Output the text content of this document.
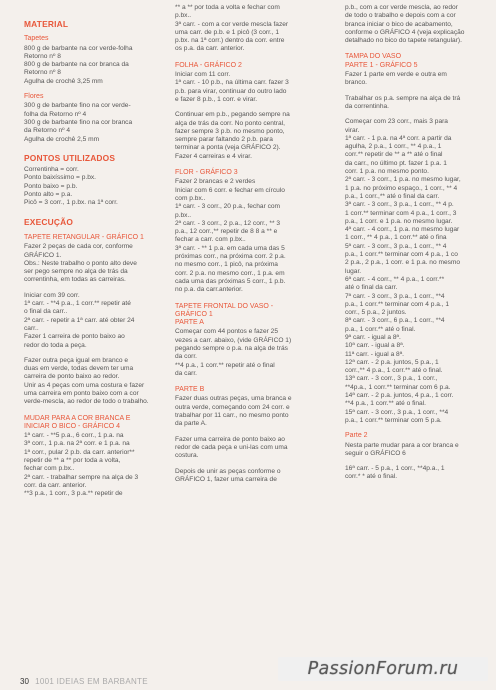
MATERIAL
Tapetes
800 g de barbante na cor verde-folha
Retorno nº 8
800 g de barbante na cor branca da
Retorno nº 8
Agulha de crochê 3,25 mm
Flores
300 g de barbante fino na cor verde-
folha da Retorno nº 4
300 g de barbante fino na cor branca
da Retorno nº 4
Agulha de crochê 2,5 mm
PONTOS UTILIZADOS
Correntinha = corr.
Ponto baixíssimo = p.bx.
Ponto baixo = p.b.
Ponto alto = p.a.
Picô = 3 corr., 1 p.bx. na 1ª corr.
EXECUÇÃO
TAPETE RETANGULAR - GRÁFICO 1
Fazer 2 peças de cada cor, conforme
GRÁFICO 1.
Obs.: Neste trabalho o ponto alto deve
ser pego sempre no alça de trás da
correntinha, em todas as carreiras.
Iniciar com 39 corr.
1ª carr. - **4 p.a., 1 corr.** repetir até
o final da carr..
2ª carr. - repetir a 1ª carr. até obter 24
carr..
Fazer 1 carreira de ponto baixo ao
redor do toda a peça.
Fazer outra peça igual em branco e
duas em verde, todas devem ter uma
carreira de ponto baixo ao redor.
Unir as 4 peças com uma costura e fazer
uma carreira em ponto baixo com a cor
verde-mescla, ao redor de todo o trabalho.
MUDAR PARA A COR BRANCA E
INICIAR O BICO - GRÁFICO 4
1ª carr. - **5 p.a., 6 corr., 1 p.a. na
3ª corr., 1 p.a. na 2ª corr. e 1 p.a. na
1ª corr., pular 2 p.b. da carr. anterior**
repetir de ** a ** por toda a volta,
fechar com p.bx..
2ª carr. - trabalhar sempre na alça de 3
corr. da carr. anterior.
**3 p.a., 1 corr., 3 p.a.** repetir de
** a ** por toda a volta e fechar com
p.bx..
3ª carr. - com a cor verde mescla fazer
uma carr. de p.b. e 1 picô (3 corr., 1
p.bx. na 1ª corr.) dentro da corr. entre
os p.a. da carr. anterior.
FOLHA - GRÁFICO 2
Iniciar com 11 corr.
1ª carr. - 10 p.b., na última carr. fazer 3
p.b. para virar, continuar do outro lado
e fazer 8 p.b., 1 corr. e virar.
Continuar em p.b., pegando sempre na
alça de trás da corr. No ponto central,
fazer sempre 3 p.b. no mesmo ponto,
sempre parar faltando 2 p.b. para
terminar a ponta (veja GRÁFICO 2).
Fazer 4 carreiras e 4 virar.
FLOR - GRÁFICO 3
Fazer 2 brancas e 2 verdes
Iniciar com 6 corr. e fechar em círculo
com p.bx..
1ª carr. - 3 corr., 20 p.a., fechar com
p.bx..
2ª carr. - 3 corr., 2 p.a., 12 corr., ** 3
p.a., 12 corr.,** repetir de 8 8 a ** e
fechar a carr. com p.bx..
3ª carr. - ** 1 p.a. em cada uma das 5
próximas corr., na próxima corr. 2 p.a.
no mesmo corr., 1 picô, na próxima
corr. 2 p.a. no mesmo corr., 1 p.a. em
cada uma das próximas 5 corr., 1 p.b.
no p.a. da carr.anterior.
TAPETE FRONTAL DO VASO -
GRÁFICO 1
PARTE A
Começar com 44 pontos e fazer 25
vezes a carr. abaixo, (vide GRÁFICO 1)
pegando sempre o p.a. na alça de trás
da corr.
**4 p.a., 1 corr.** repetir até o final
da carr.
PARTE B
Fazer duas outras peças, uma branca e
outra verde, começando com 24 corr. e
trabalhar por 11 carr., no mesmo ponto
da parte A.
Fazer uma carreira de ponto baixo ao
redor de cada peça e uni-las com uma
costura.
Depois de unir as peças conforme o
GRÁFICO 1, fazer uma carreira de
p.b., com a cor verde mescla, ao redor
de todo o trabalho e depois com a cor
branca iniciar o bico de acabamento,
conforme o GRÁFICO 4 (veja explicação
detalhado no bico do tapete retangular).
TAMPA DO VASO
PARTE 1 - GRÁFICO 5
Fazer 1 parte em verde e outra em
branco.
Trabalhar os p.a. sempre na alça de trá
da correntinha.
Começar com 23 corr., mais 3 para
virar.
1ª carr. - 1 p.a. na 4ª corr. a partir da
agulha, 2 p.a., 1 corr., ** 4 p.a., 1
corr.** repetir de ** a ** até o final
da carr., no último pt. fazer 1 p.a. 1
corr. 1 p.a. no mesmo ponto.
2ª carr. - 3 corr., 1 p.a. no mesmo lugar,
1 p.a. no próximo espaço., 1 corr., ** 4
p.a., 1 corr.,** até o final da carr.
3ª carr. - 3 corr., 3 p.a., 1 corr., ** 4 p.
1 corr.** terminar com 4 p.a., 1 corr., 3
p.a., 1 corr. e 1 p.a. no mesmo lugar.
4ª carr. - 4 corr., 1 p.a. no mesmo lugar
1 corr., ** 4 p.a., 1 corr.** até o fina
5ª carr. - 3 corr., 3 p.a., 1 corr., ** 4
p.a., 1 corr.** terminar com 4 p.a., 1 co
2 p.a., 2 p.a., 1 corr. e 1 p.a. no mesmo
lugar.
6ª carr. - 4 corr., ** 4 p.a., 1 corr.**
até o final da carr.
7ª carr. - 3 corr., 3 p.a., 1 corr., **4
p.a., 1 corr.** terminar com 4 p.a., 1
corr., 5 p.a., 2 juntos.
8ª carr. - 3 corr., 6 p.a., 1 corr., **4
p.a., 1 corr.** até o final.
9ª carr. - igual a 8ª.
10ª carr. - igual a 8ª.
11ª carr. - igual a 8ª.
12ª carr. - 2 p.a. juntos, 5 p.a., 1
corr.,** 4 p.a., 1 corr.** até o final.
13ª carr. - 3 corr., 3 p.a., 1 corr.,
**4p.a., 1 corr.** terminar com 6 p.a.
14ª carr. - 2 p.a. juntos, 4 p.a., 1 corr.
**4 p.a., 1 corr.** até o final.
15ª carr. - 3 corr., 3 p.a., 1 corr., **4
p.a., 1 corr.** terminar com 5 p.a.
Parte 2
Nesta parte mudar para a cor branca e
seguir o GRÁFICO 6
16ª carr. - 5 p.a., 1 corr., **4p.a., 1
corr.* * até o final.
30 1001 IDEIAS EM BARBANTE
PassionForum.ru
